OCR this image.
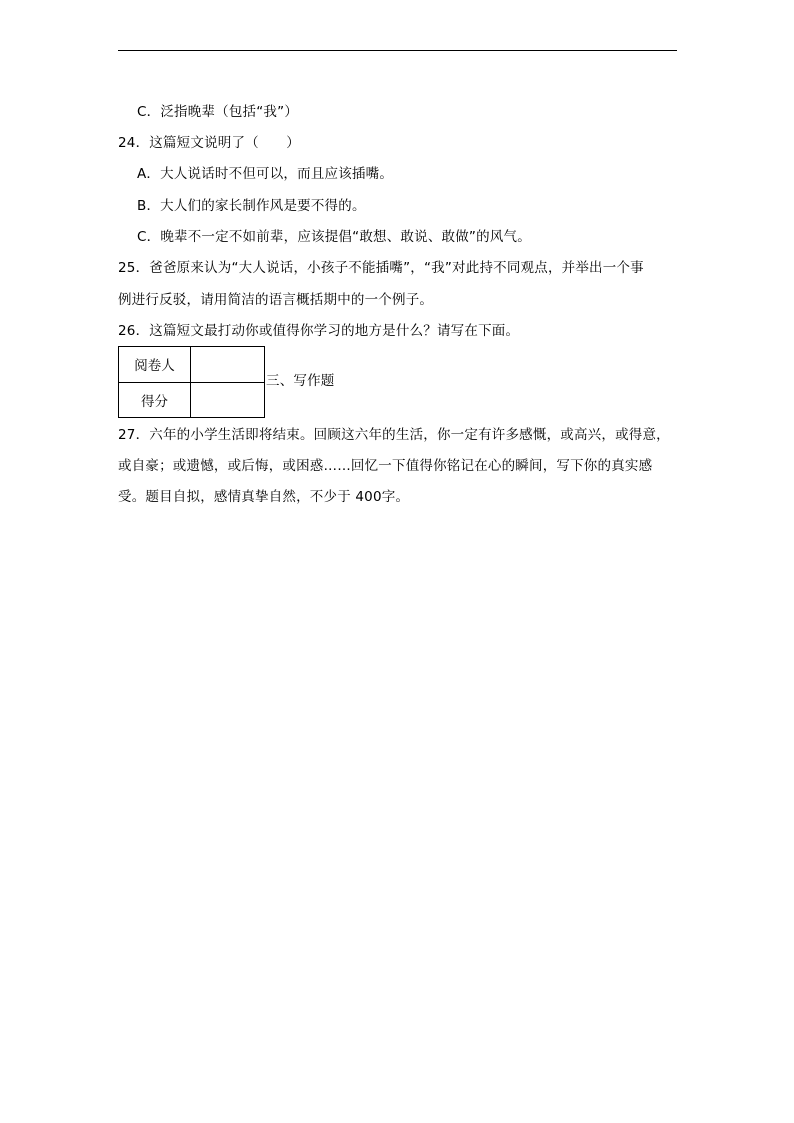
C．泛指晚辈（包括“我”）
24．这篇短文说明了（　　）
A．大人说话时不但可以，而且应该插嘴。
B．大人们的家长制作风是要不得的。
C．晚辈不一定不如前辈，应该提倡“敢想、敢说、敢做”的风气。
25．爸爸原来认为“大人说话，小孩子不能插嘴”，“我”对此持不同观点，并举出一个事
例进行反驳，请用简洁的语言概括期中的一个例子。
26．这篇短文最打动你或值得你学习的地方是什么？请写在下面。
阅卷人	
得分	
三、写作题
27．六年的小学生活即将结束。回顾这六年的生活，你一定有许多感慨，或高兴，或得意，
或自豪；或遗憾，或后悔，或困惑……回忆一下值得你铭记在心的瞬间，写下你的真实感
受。题目自拟，感情真挚自然，不少于 400字。
